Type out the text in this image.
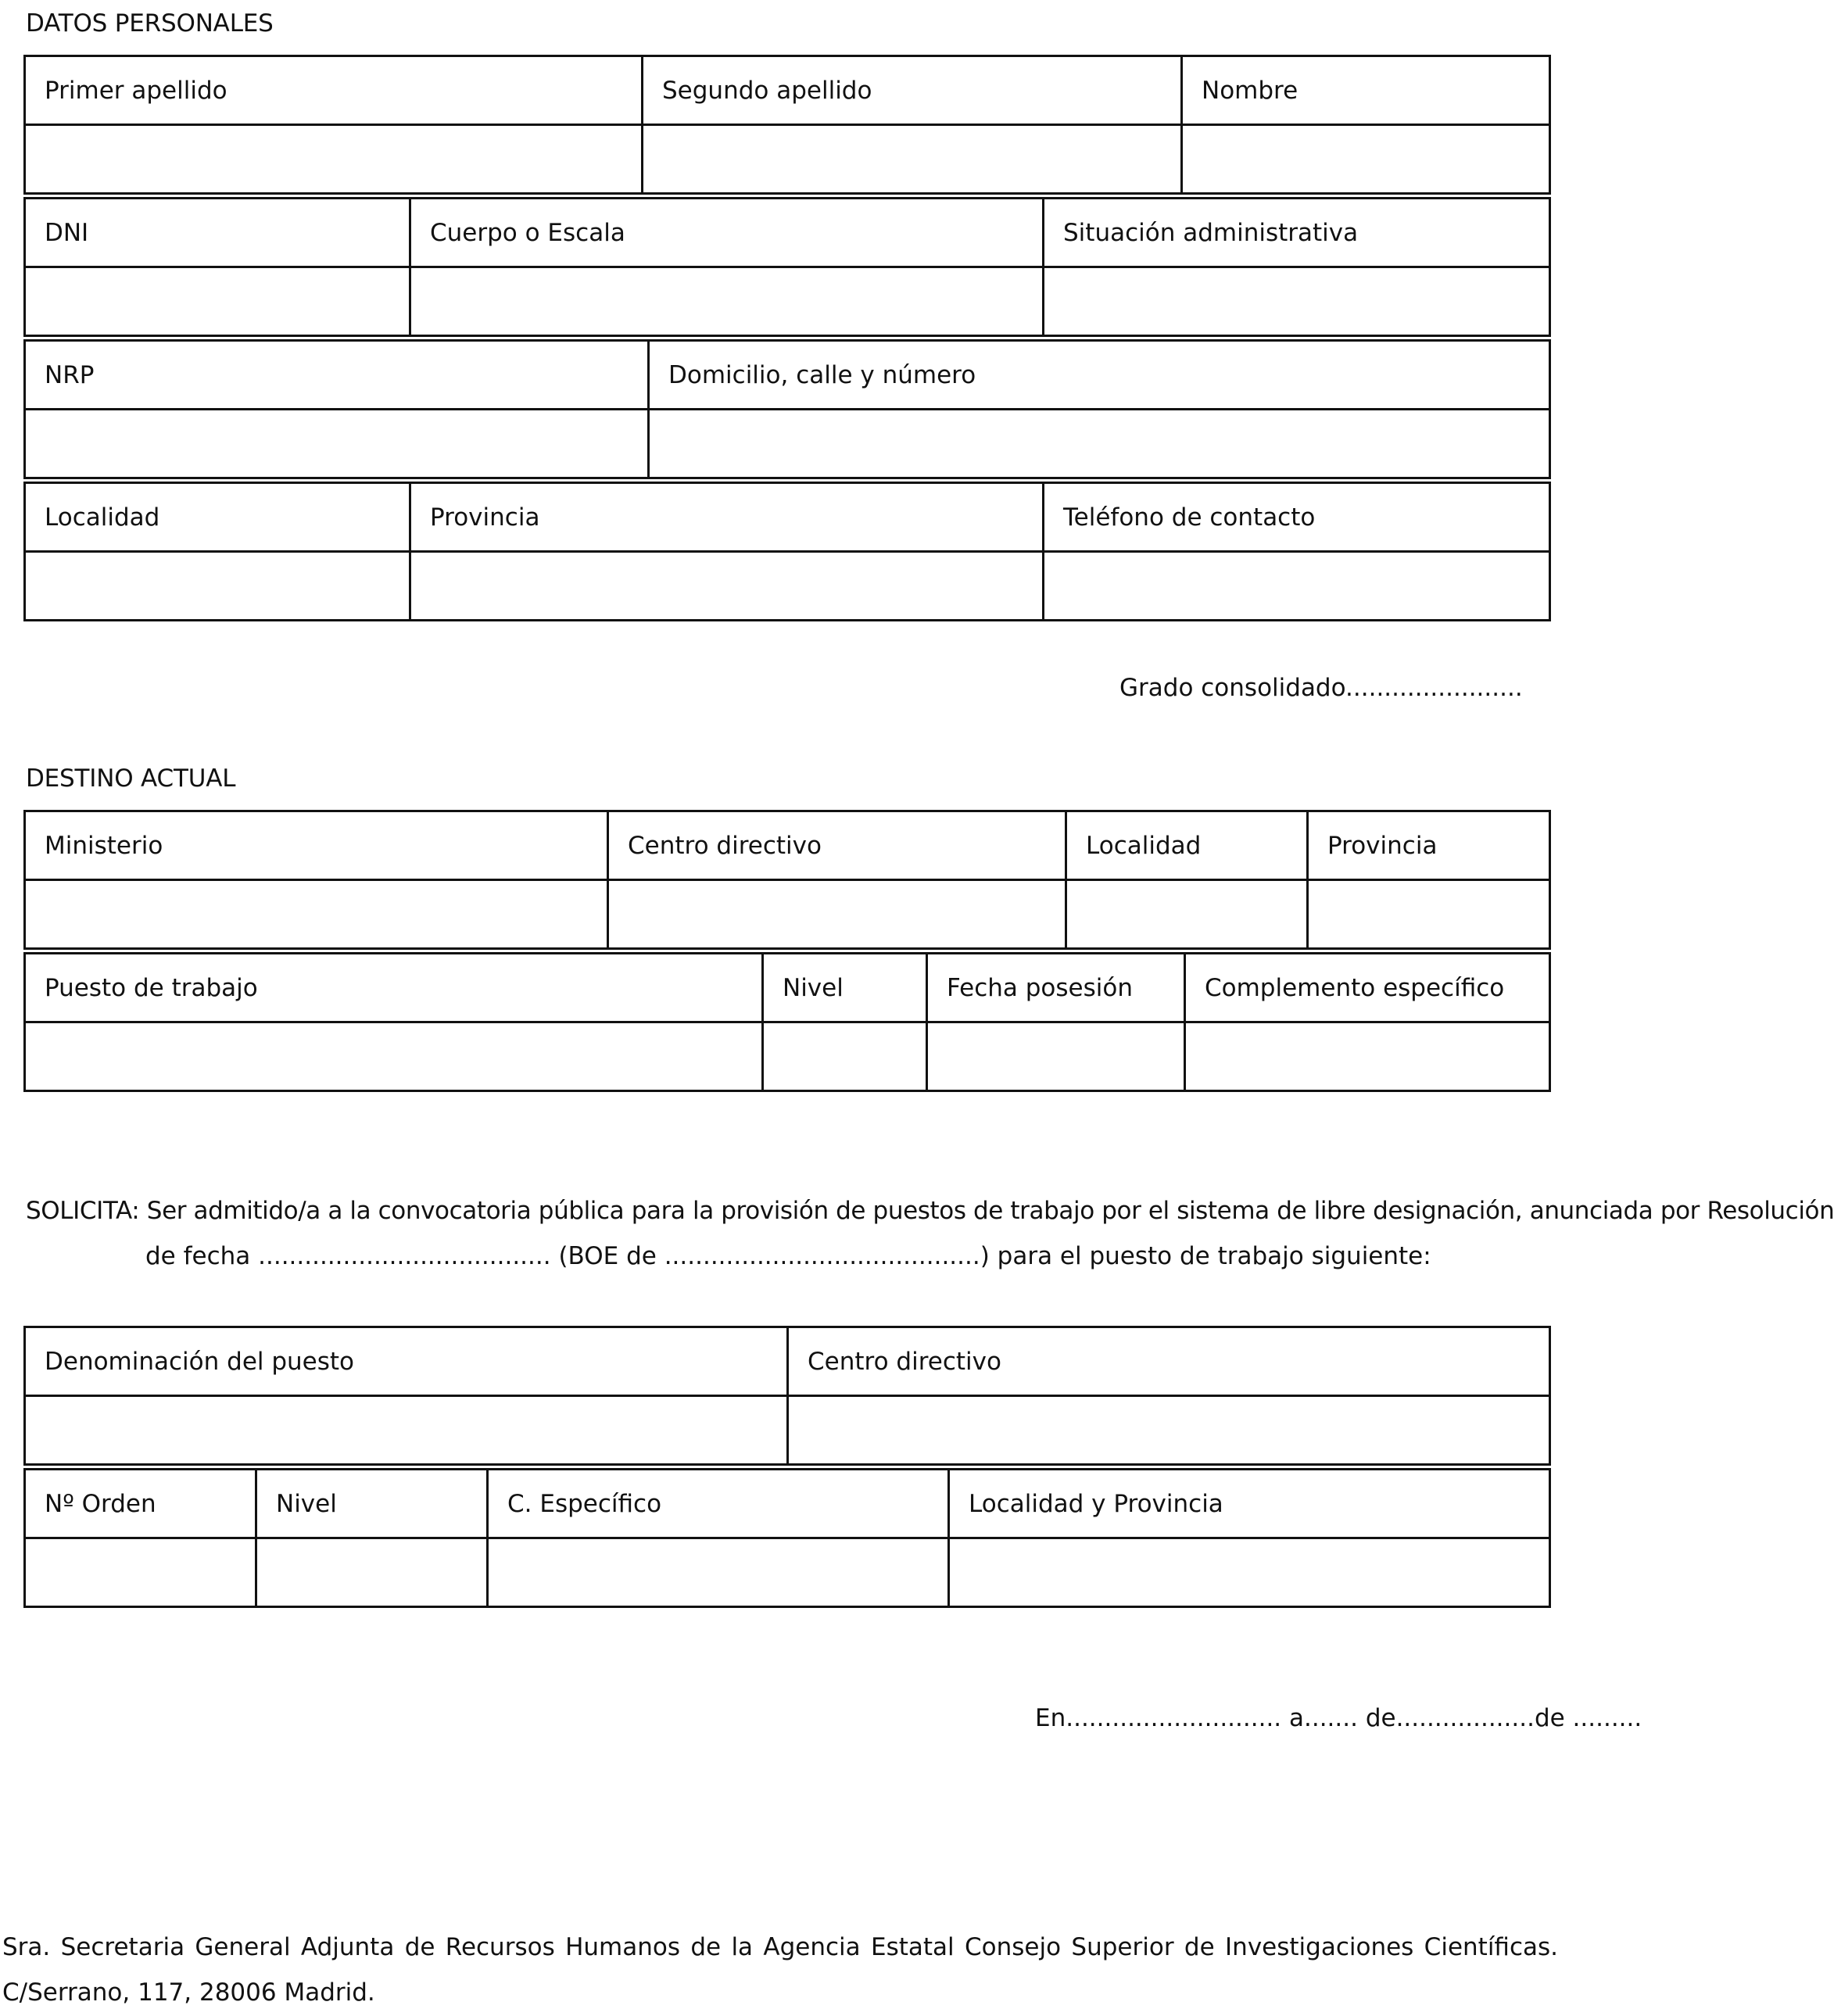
DATOS PERSONALES
Primer apellido	Segundo apellido	Nombre

DNI	Cuerpo o Escala	Situación administrativa

NRP	Domicilio, calle y número

Localidad	Provincia	Teléfono de contacto

Grado consolidado.......................
DESTINO ACTUAL
Ministerio	Centro directivo	Localidad	Provincia

Puesto de trabajo	Nivel	Fecha posesión	Complemento específico

SOLICITA: Ser admitido/a a la convocatoria pública para la provisión de puestos de trabajo por el sistema de libre designación, anunciada por Resolución
de fecha ...................................... (BOE de .........................................) para el puesto de trabajo siguiente:
Denominación del puesto	Centro directivo

Nº Orden	Nivel	C. Específico	Localidad y Provincia

En............................ a....... de..................de .........
Sra. Secretaria General Adjunta de Recursos Humanos de la Agencia Estatal Consejo Superior de Investigaciones Científicas. C/Serrano, 117, 28006 Madrid.
